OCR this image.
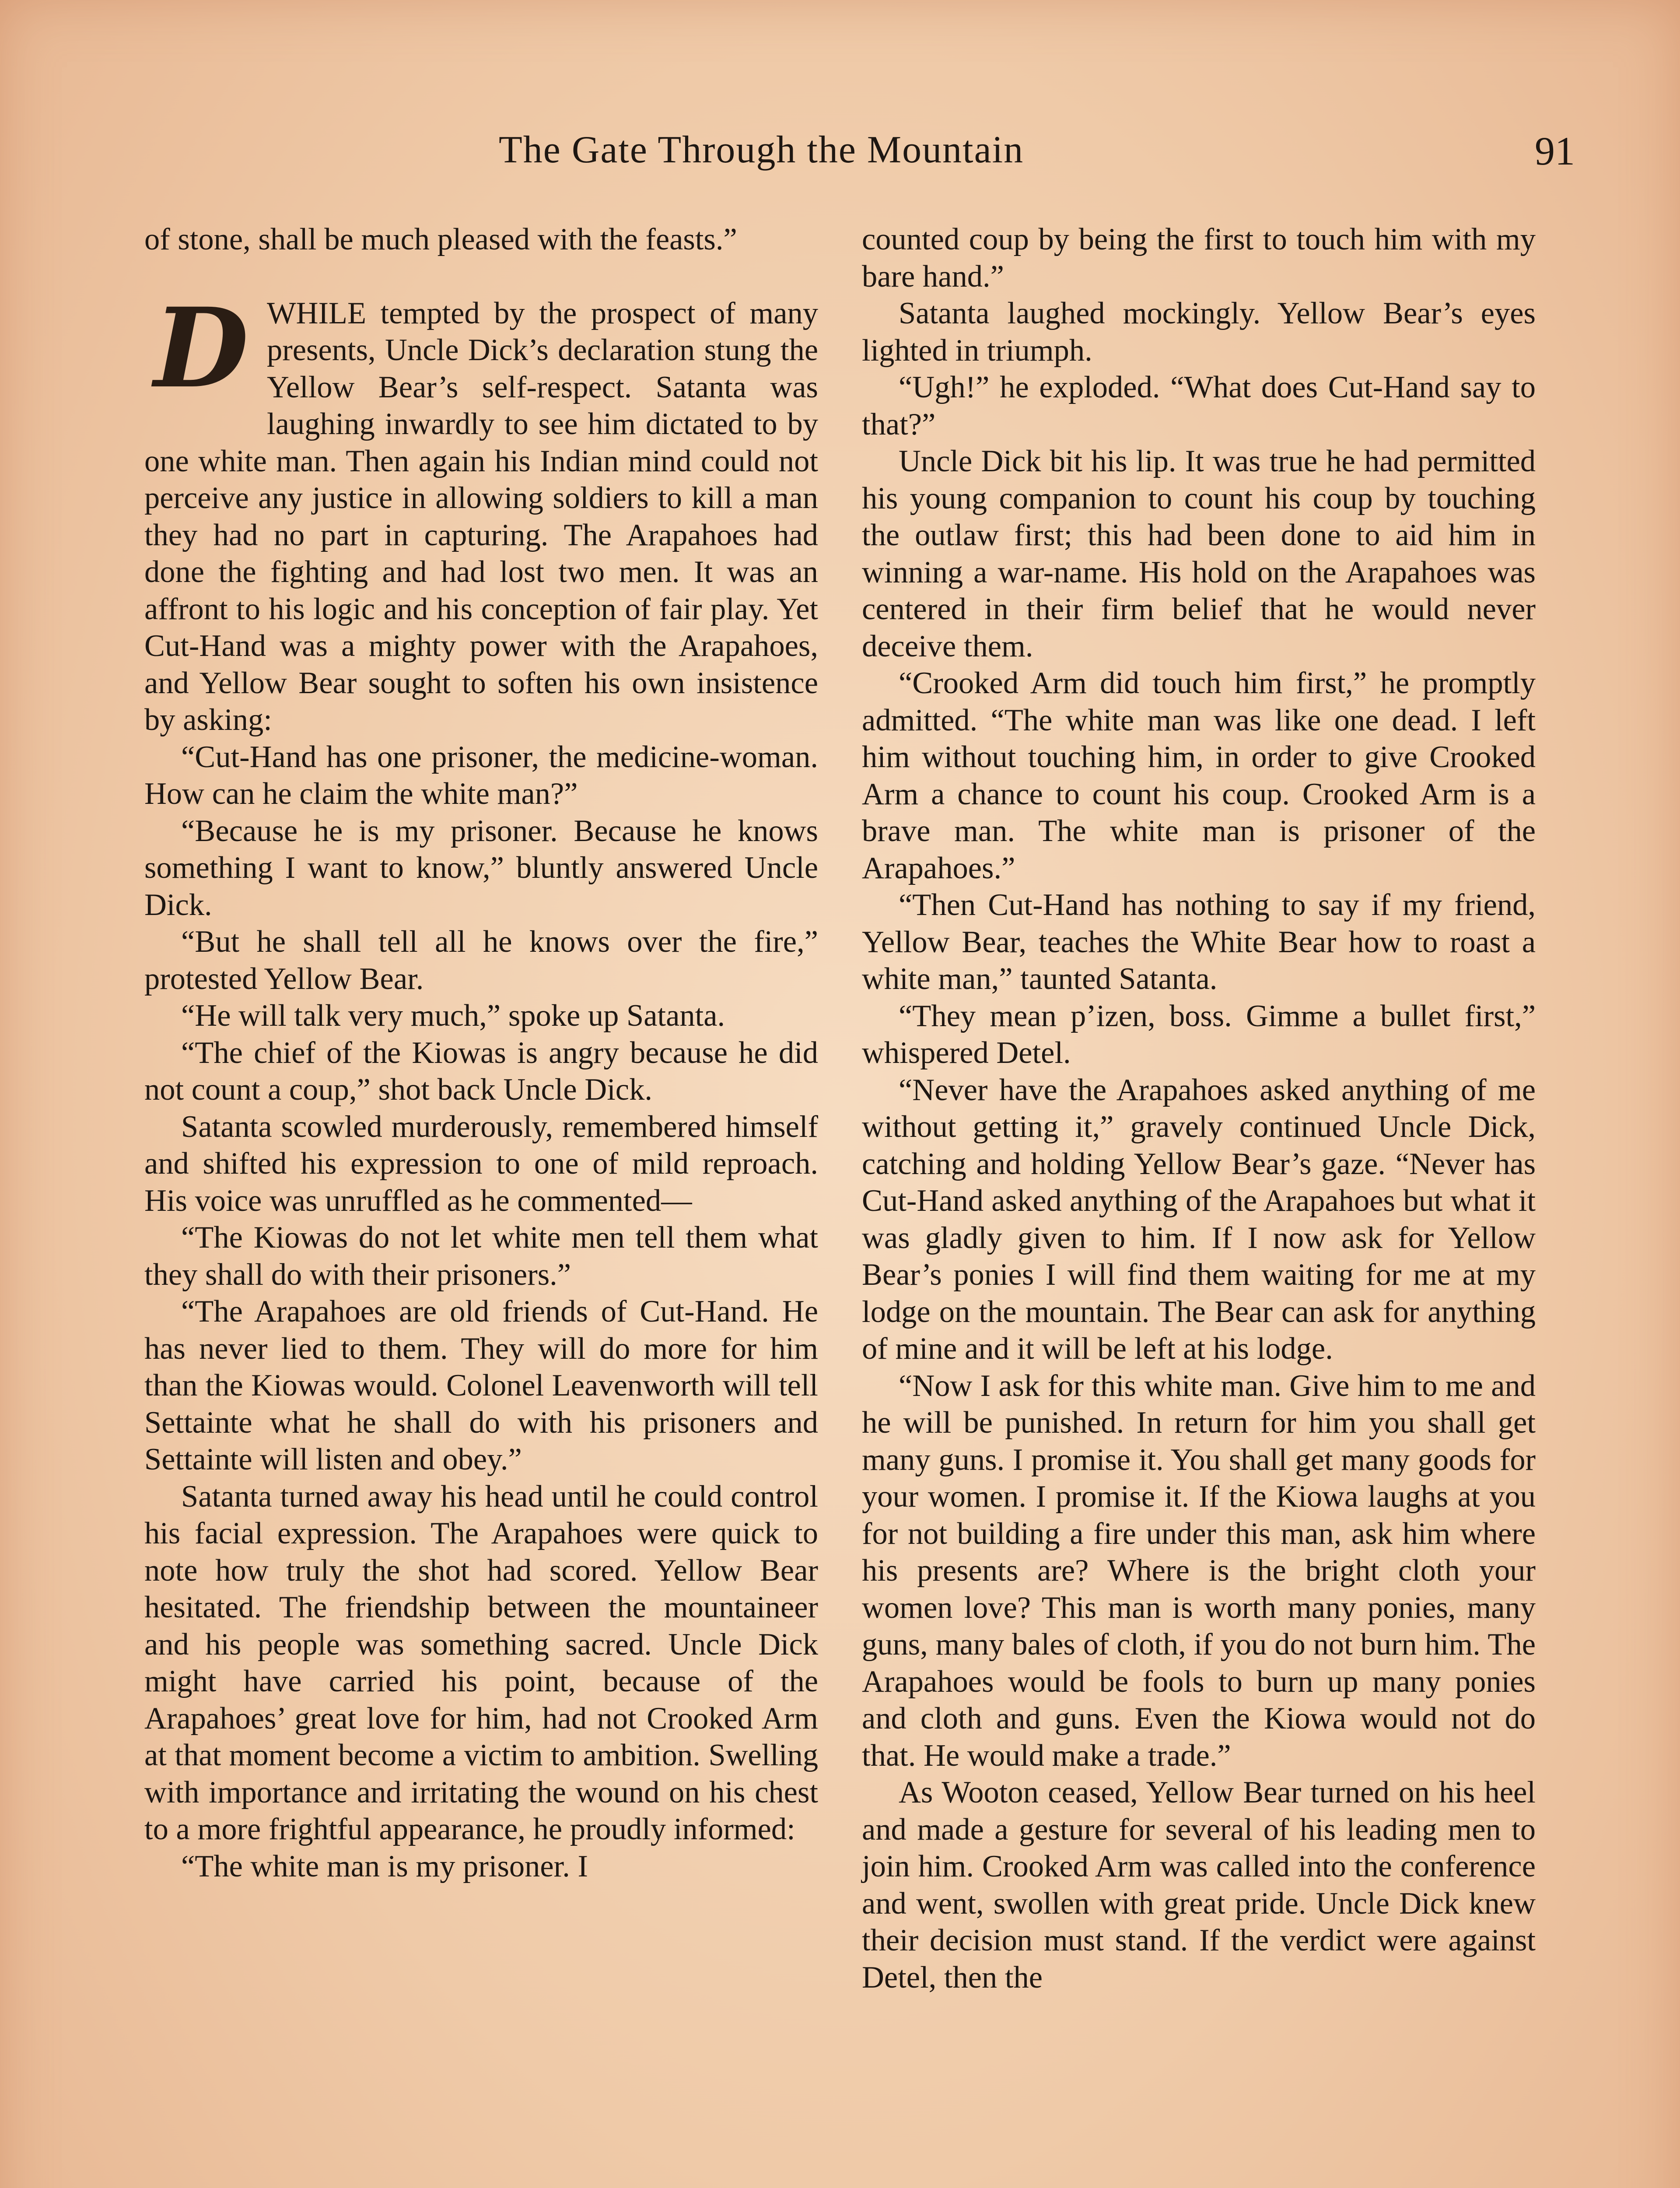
The Gate Through the Mountain	91

of stone, shall be much pleased with the feasts.”

D WHILE tempted by the prospect of many presents, Uncle Dick’s declaration stung the Yellow Bear’s self-respect. Satanta was laughing inwardly to see him dictated to by one white man. Then again his Indian mind could not perceive any justice in allowing soldiers to kill a man they had no part in capturing. The Arapahoes had done the fighting and had lost two men. It was an affront to his logic and his conception of fair play. Yet Cut-Hand was a mighty power with the Arapahoes, and Yellow Bear sought to soften his own insistence by asking:

“Cut-Hand has one prisoner, the medicine-woman. How can he claim the white man?”

“Because he is my prisoner. Because he knows something I want to know,” bluntly answered Uncle Dick.

“But he shall tell all he knows over the fire,” protested Yellow Bear.

“He will talk very much,” spoke up Satanta.

“The chief of the Kiowas is angry because he did not count a coup,” shot back Uncle Dick.

Satanta scowled murderously, remembered himself and shifted his expression to one of mild reproach. His voice was unruffled as he commented—

“The Kiowas do not let white men tell them what they shall do with their prisoners.”

“The Arapahoes are old friends of Cut-Hand. He has never lied to them. They will do more for him than the Kiowas would. Colonel Leavenworth will tell Settainte what he shall do with his prisoners and Settainte will listen and obey.”

Satanta turned away his head until he could control his facial expression. The Arapahoes were quick to note how truly the shot had scored. Yellow Bear hesitated. The friendship between the mountaineer and his people was something sacred. Uncle Dick might have carried his point, because of the Arapahoes’ great love for him, had not Crooked Arm at that moment become a victim to ambition. Swelling with importance and irritating the wound on his chest to a more frightful appearance, he proudly informed:

“The white man is my prisoner. I

counted coup by being the first to touch him with my bare hand.”

Satanta laughed mockingly. Yellow Bear’s eyes lighted in triumph.

“Ugh!” he exploded. “What does Cut-Hand say to that?”

Uncle Dick bit his lip. It was true he had permitted his young companion to count his coup by touching the outlaw first; this had been done to aid him in winning a war-name. His hold on the Arapahoes was centered in their firm belief that he would never deceive them.

“Crooked Arm did touch him first,” he promptly admitted. “The white man was like one dead. I left him without touching him, in order to give Crooked Arm a chance to count his coup. Crooked Arm is a brave man. The white man is prisoner of the Arapahoes.”

“Then Cut-Hand has nothing to say if my friend, Yellow Bear, teaches the White Bear how to roast a white man,” taunted Satanta.

“They mean p’izen, boss. Gimme a bullet first,” whispered Detel.

“Never have the Arapahoes asked anything of me without getting it,” gravely continued Uncle Dick, catching and holding Yellow Bear’s gaze. “Never has Cut-Hand asked anything of the Arapahoes but what it was gladly given to him. If I now ask for Yellow Bear’s ponies I will find them waiting for me at my lodge on the mountain. The Bear can ask for anything of mine and it will be left at his lodge.

“Now I ask for this white man. Give him to me and he will be punished. In return for him you shall get many guns. I promise it. You shall get many goods for your women. I promise it. If the Kiowa laughs at you for not building a fire under this man, ask him where his presents are? Where is the bright cloth your women love? This man is worth many ponies, many guns, many bales of cloth, if you do not burn him. The Arapahoes would be fools to burn up many ponies and cloth and guns. Even the Kiowa would not do that. He would make a trade.”

As Wooton ceased, Yellow Bear turned on his heel and made a gesture for several of his leading men to join him. Crooked Arm was called into the conference and went, swollen with great pride. Uncle Dick knew their decision must stand. If the verdict were against Detel, then the
